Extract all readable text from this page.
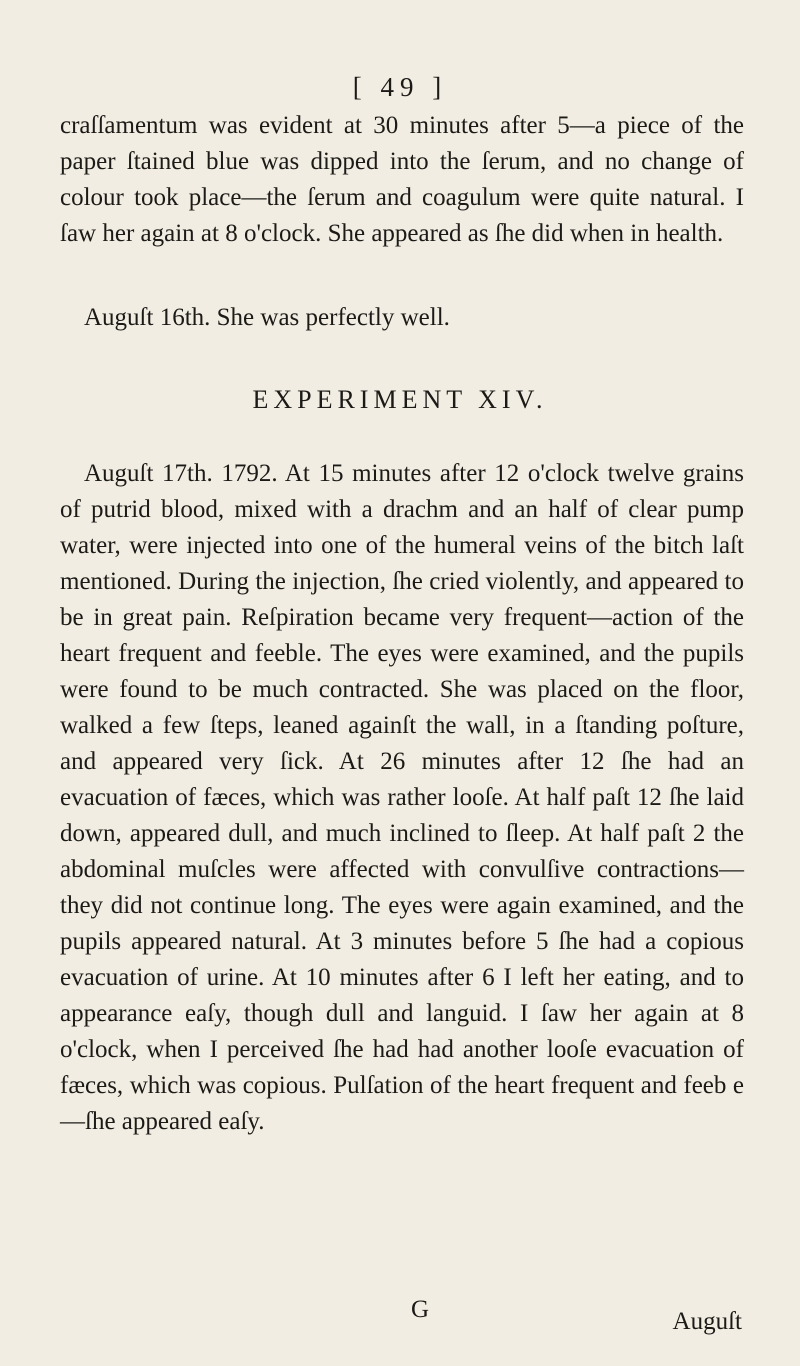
[ 49 ]

craſſamentum was evident at 30 minutes after 5—a piece of the paper ſtained blue was dipped into the ſerum, and no change of colour took place—the ſerum and coagulum were quite natural. I ſaw her again at 8 o'clock. She appeared as ſhe did when in health.

Auguſt 16th. She was perfectly well.

EXPERIMENT XIV.

Auguſt 17th. 1792. At 15 minutes after 12 o'clock twelve grains of putrid blood, mixed with a drachm and an half of clear pump water, were injected into one of the humeral veins of the bitch laſt mentioned. During the injection, ſhe cried violently, and appeared to be in great pain. Reſpiration became very frequent—action of the heart frequent and feeble. The eyes were examined, and the pupils were found to be much contracted. She was placed on the floor, walked a few ſteps, leaned againſt the wall, in a ſtanding poſture, and appeared very ſick. At 26 minutes after 12 ſhe had an evacuation of fæces, which was rather looſe. At half paſt 12 ſhe laid down, appeared dull, and much inclined to ſleep. At half paſt 2 the abdominal muſcles were affected with convulſive contractions—they did not continue long. The eyes were again examined, and the pupils appeared natural. At 3 minutes before 5 ſhe had a copious evacuation of urine. At 10 minutes after 6 I left her eating, and to appearance eaſy, though dull and languid. I ſaw her again at 8 o'clock, when I perceived ſhe had had another looſe evacuation of fæces, which was copious. Pulſation of the heart frequent and feeb e—ſhe appeared eaſy.

G	Auguſt
